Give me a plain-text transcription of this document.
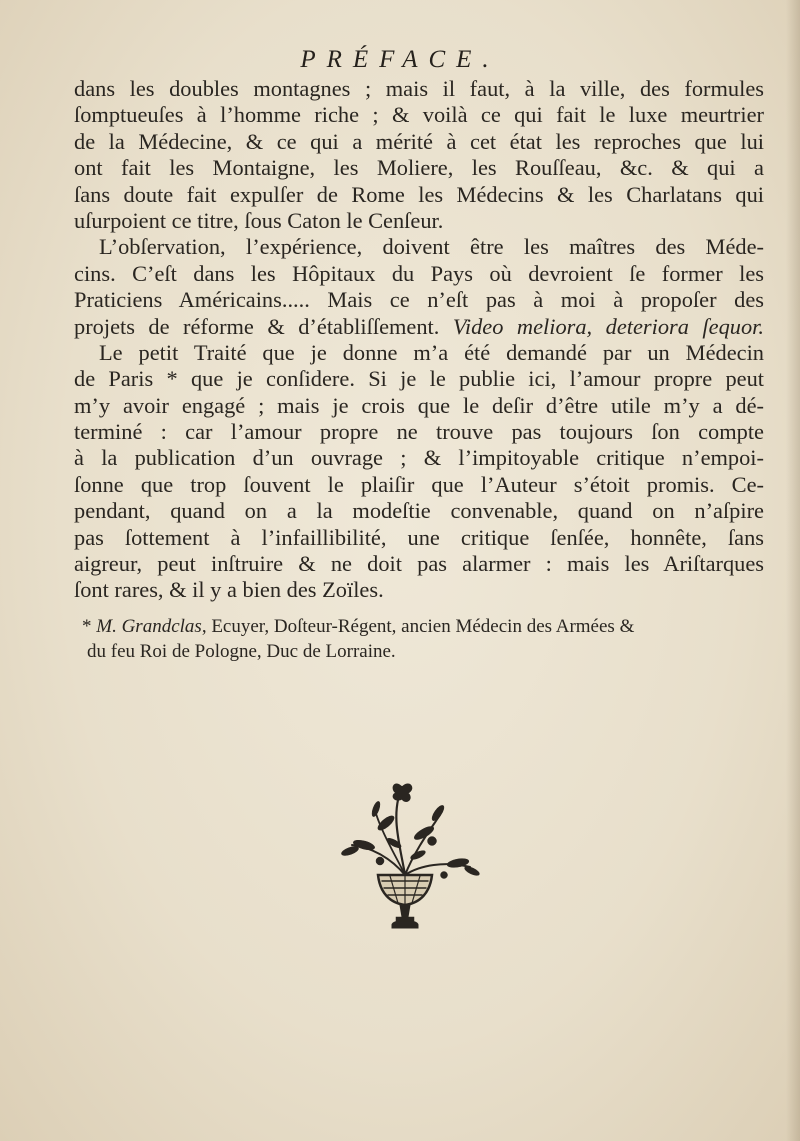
PRÉFACE.
dans les doubles montagnes ; mais il faut, à la ville, des formules
ſomptueuſes à l’homme riche ; & voilà ce qui fait le luxe meurtrier
de la Médecine, & ce qui a mérité à cet état les reproches que lui
ont fait les Montaigne, les Moliere, les Rouſſeau, &c. & qui a
ſans doute fait expulſer de Rome les Médecins & les Charlatans qui
uſurpoient ce titre, ſous Caton le Cenſeur.
L’obſervation, l’expérience, doivent être les maîtres des Méde-
cins. C’eſt dans les Hôpitaux du Pays où devroient ſe former les
Praticiens Américains..... Mais ce n’eſt pas à moi à propoſer des
projets de réforme & d’établiſſement. Video meliora, deteriora ſequor.
Le petit Traité que je donne m’a été demandé par un Médecin
de Paris * que je conſidere. Si je le publie ici, l’amour propre peut
m’y avoir engagé ; mais je crois que le deſir d’être utile m’y a dé-
terminé : car l’amour propre ne trouve pas toujours ſon compte
à la publication d’un ouvrage ; & l’impitoyable critique n’empoi-
ſonne que trop ſouvent le plaiſir que l’Auteur s’étoit promis. Ce-
pendant, quand on a la modeſtie convenable, quand on n’aſpire
pas ſottement à l’infaillibilité, une critique ſenſée, honnête, ſans
aigreur, peut inſtruire & ne doit pas alarmer : mais les Ariſtarques
ſont rares, & il y a bien des Zoïles.
* M. Grandclas, Ecuyer, Doſteur-Régent, ancien Médecin des Armées &
du feu Roi de Pologne, Duc de Lorraine.
